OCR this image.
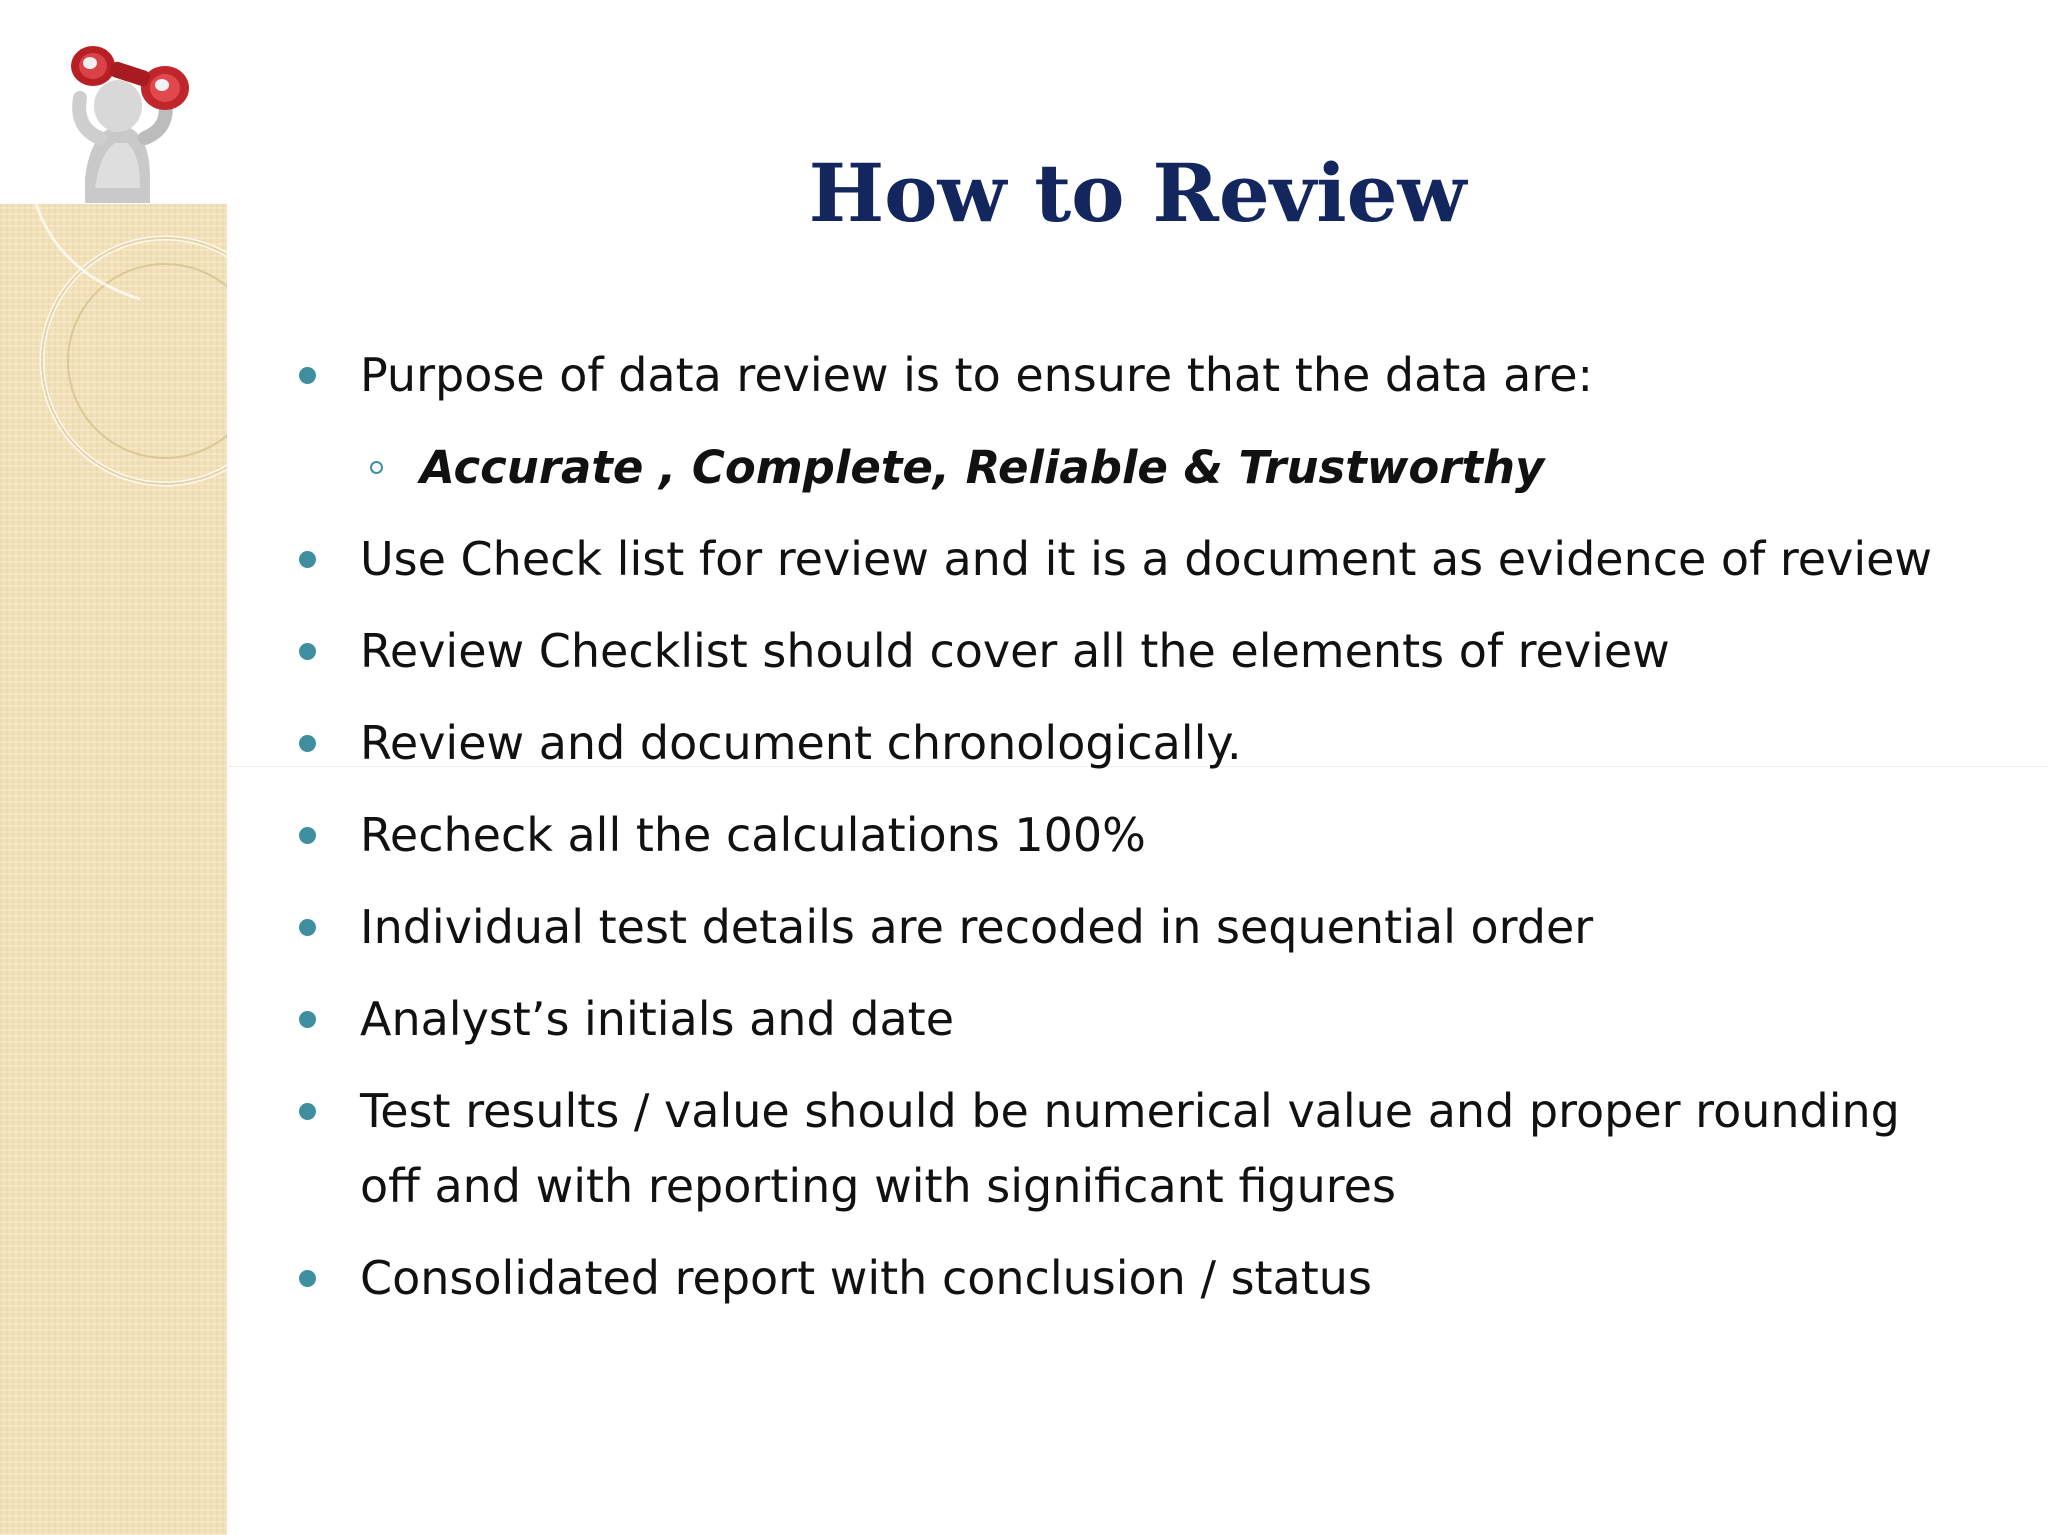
How to Review
Purpose of data review is to ensure that the data are:
Accurate , Complete, Reliable & Trustworthy
Use Check list for review and it is a document as evidence of review
Review Checklist should cover all the elements of review
Review and document chronologically.
Recheck all the calculations 100%
Individual test details are recoded in sequential order
Analyst’s initials and date
Test results / value should be numerical value and proper rounding off and with reporting with significant figures
Consolidated report with conclusion / status
